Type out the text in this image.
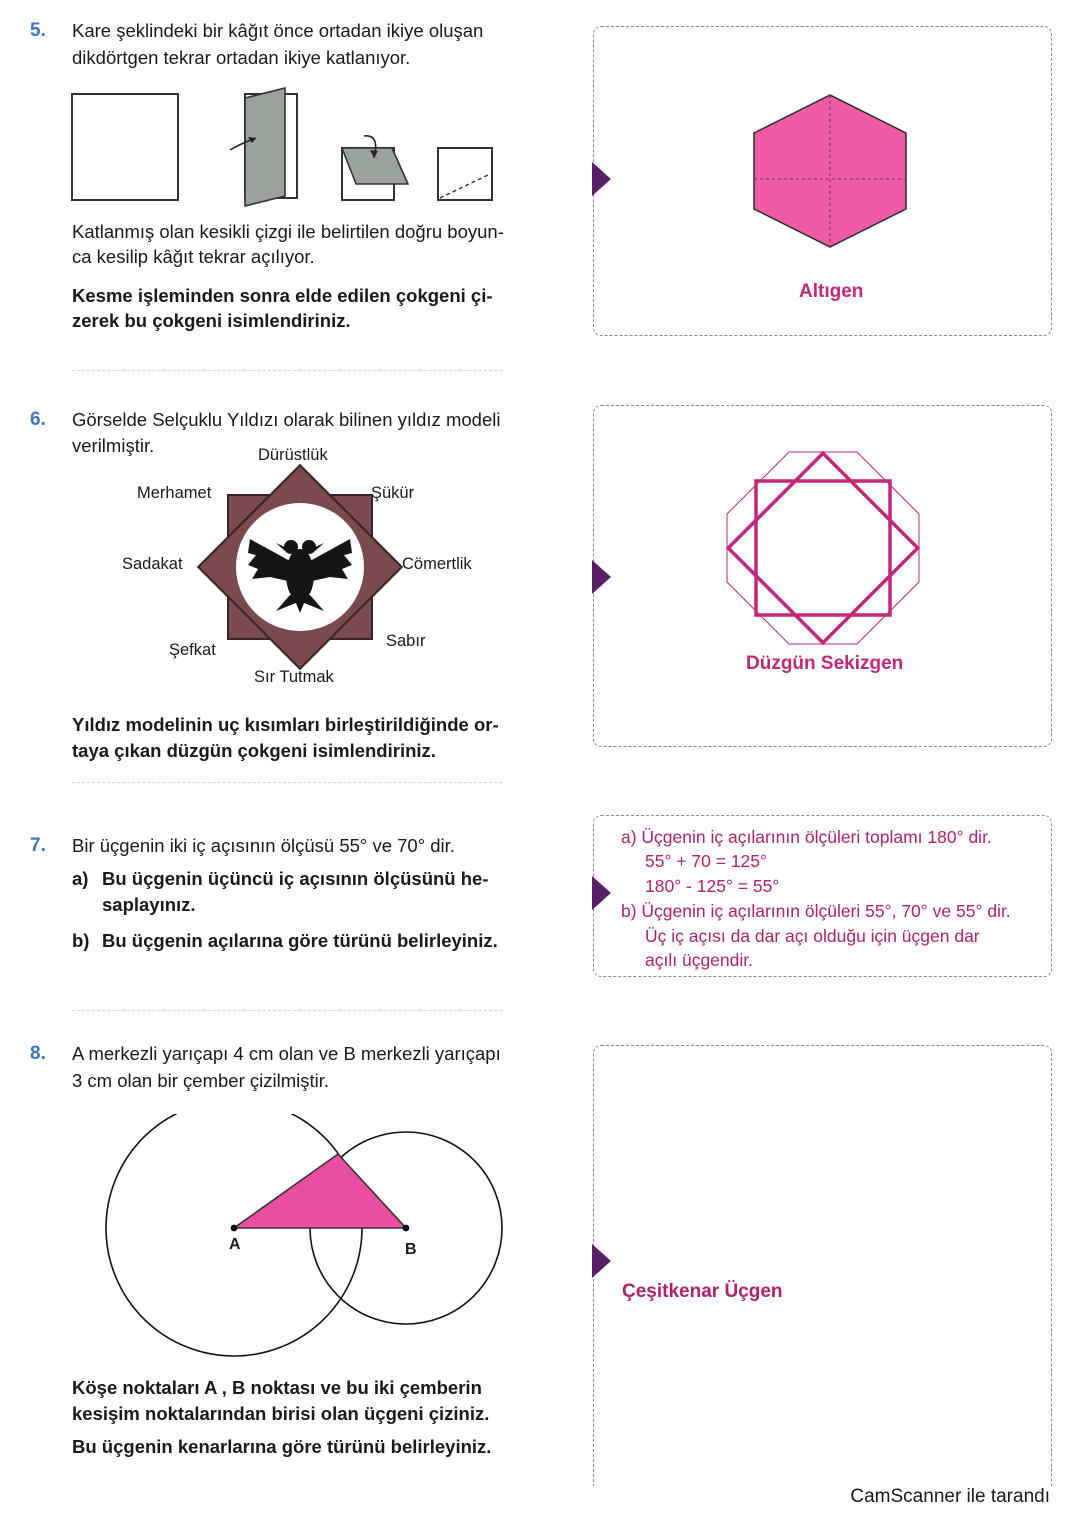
5. Kare şeklindeki bir kâğıt önce ortadan ikiye oluşan
dikdörtgen tekrar ortadan ikiye katlanıyor.
Katlanmış olan kesikli çizgi ile belirtilen doğru boyun-
ca kesilip kâğıt tekrar açılıyor.
Kesme işleminden sonra elde edilen çokgeni çi-
zerek bu çokgeni isimlendiriniz.
Altıgen
6. Görselde Selçuklu Yıldızı olarak bilinen yıldız modeli
verilmiştir.	Dürüstlük
Merhamet	Şükür
Sadakat	Cömertlik
Şefkat	Sabır
Sır Tutmak
Yıldız modelinin uç kısımları birleştirildiğinde or-
taya çıkan düzgün çokgeni isimlendiriniz.
Düzgün Sekizgen
7. Bir üçgenin iki iç açısının ölçüsü 55° ve 70° dir.
a) Bu üçgenin üçüncü iç açısının ölçüsünü he-
saplayınız.
b) Bu üçgenin açılarına göre türünü belirleyiniz.
a) Üçgenin iç açılarının ölçüleri toplamı 180° dir.
55° + 70 = 125°
180° - 125° = 55°
b) Üçgenin iç açılarının ölçüleri 55°, 70° ve 55° dir.
Üç iç açısı da dar açı olduğu için üçgen dar
açılı üçgendir.
8. A merkezli yarıçapı 4 cm olan ve B merkezli yarıçapı
3 cm olan bir çember çizilmiştir.
A	B
Köşe noktaları A , B noktası ve bu iki çemberin
kesişim noktalarından birisi olan üçgeni çiziniz.
Bu üçgenin kenarlarına göre türünü belirleyiniz.
Çeşitkenar Üçgen
CamScanner ile tarandı
